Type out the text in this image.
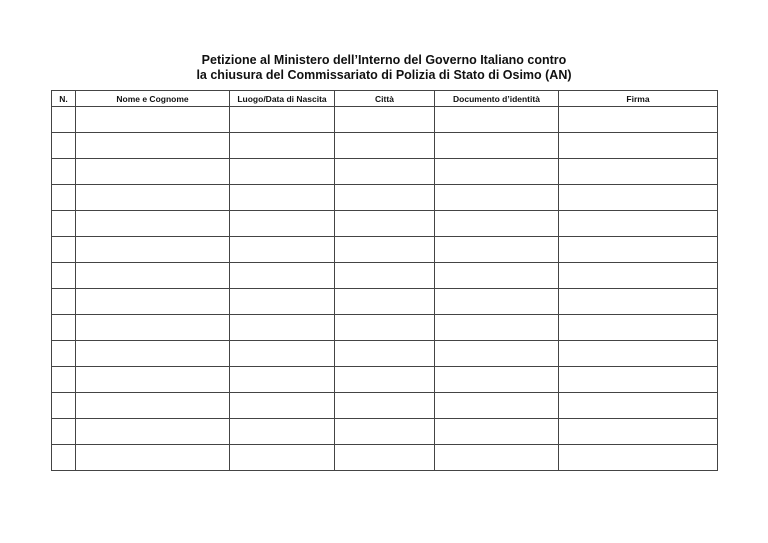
Petizione al Ministero dell’Interno del Governo Italiano contro
la chiusura del Commissariato di Polizia di Stato di Osimo (AN)
N.	Nome e Cognome	Luogo/Data di Nascita	Città	Documento d’identità	Firma
